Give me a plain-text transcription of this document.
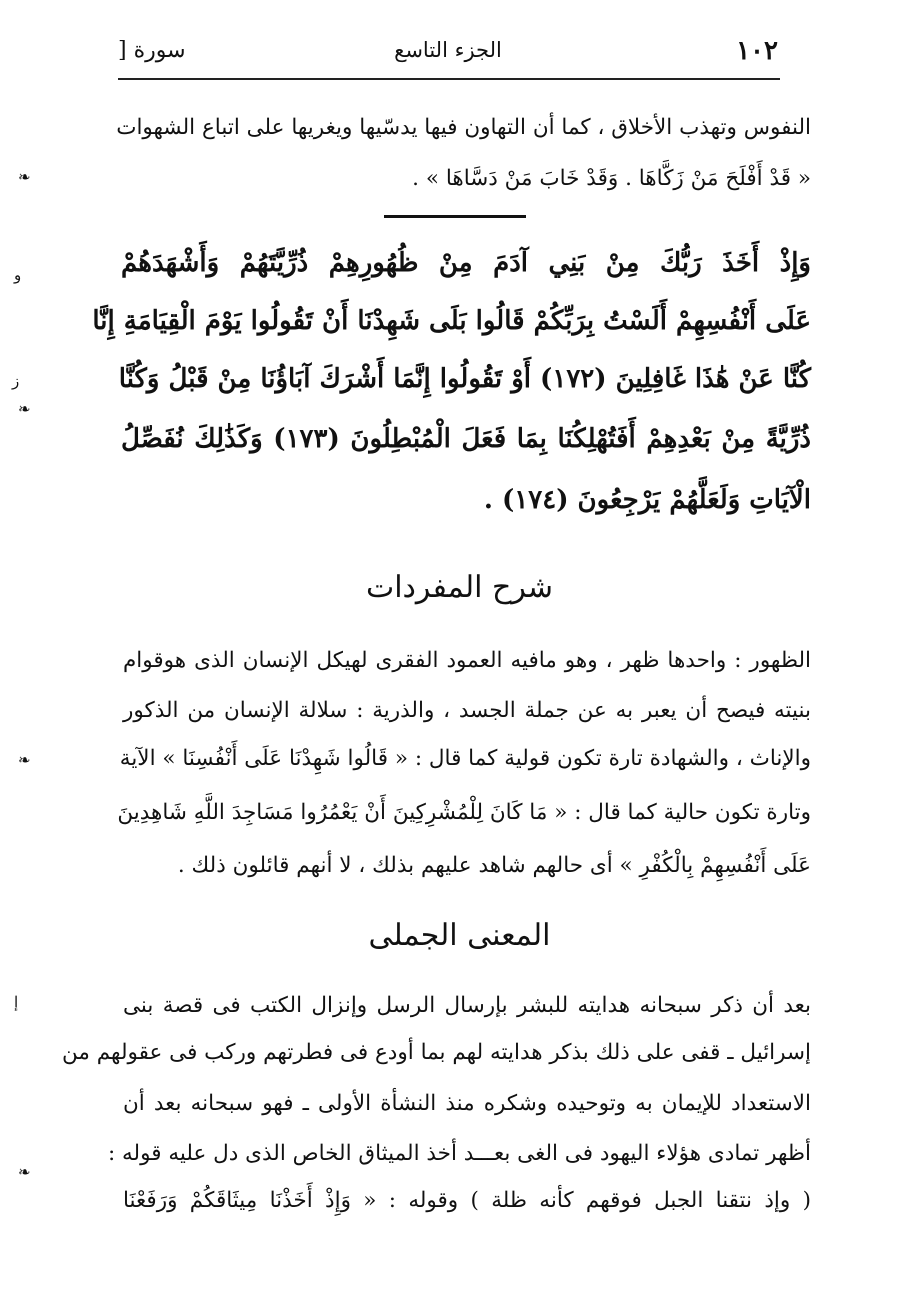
١٠٢
الجزء التاسع
سورة [
النفوس وتهذب الأخلاق ، كما أن التهاون فيها يدسّيها ويغريها على اتباع الشهوات
« قَدْ أَفْلَحَ مَنْ زَكَّاهَا . وَقَدْ خَابَ مَنْ دَسَّاهَا » .
وَإِذْ أَخَذَ رَبُّكَ مِنْ بَنِي آدَمَ مِنْ ظُهُورِهِمْ ذُرِّيَّتَهُمْ وَأَشْهَدَهُمْ
عَلَى أَنْفُسِهِمْ أَلَسْتُ بِرَبِّكُمْ قَالُوا بَلَى شَهِدْنَا أَنْ تَقُولُوا يَوْمَ الْقِيَامَةِ إِنَّا
كُنَّا عَنْ هَٰذَا غَافِلِينَ (١٧٢) أَوْ تَقُولُوا إِنَّمَا أَشْرَكَ آبَاؤُنَا مِنْ قَبْلُ وَكُنَّا
ذُرِّيَّةً مِنْ بَعْدِهِمْ أَفَتُهْلِكُنَا بِمَا فَعَلَ الْمُبْطِلُونَ (١٧٣) وَكَذَٰلِكَ نُفَصِّلُ
الْآيَاتِ وَلَعَلَّهُمْ يَرْجِعُونَ (١٧٤) .
شرح المفردات
الظهور : واحدها ظهر ، وهو مافيه العمود الفقرى لهيكل الإنسان الذى هوقوام
بنيته فيصح أن يعبر به عن جملة الجسد ، والذرية : سلالة الإنسان من الذكور
والإناث ، والشهادة تارة تكون قولية كما قال : « قَالُوا شَهِدْنَا عَلَى أَنْفُسِنَا » الآية
وتارة تكون حالية كما قال : « مَا كَانَ لِلْمُشْرِكِينَ أَنْ يَعْمُرُوا مَسَاجِدَ اللَّهِ شَاهِدِينَ
عَلَى أَنْفُسِهِمْ بِالْكُفْرِ » أى حالهم شاهد عليهم بذلك ، لا أنهم قائلون ذلك .
المعنى الجملى
بعد أن ذكر سبحانه هدايته للبشر بإرسال الرسل وإنزال الكتب فى قصة بنى
إسرائيل ـ قفى على ذلك بذكر هدايته لهم بما أودع فى فطرتهم وركب فى عقولهم من
الاستعداد للإيمان به وتوحيده وشكره منذ النشأة الأولى ـ فهو سبحانه بعد أن
أظهر تمادى هؤلاء اليهود فى الغى بعـــد أخذ الميثاق الخاص الذى دل عليه قوله :
( وإذ نتقنا الجبل فوقهم كأنه ظلة ) وقوله : « وَإِذْ أَخَذْنَا مِيثَاقَكُمْ وَرَفَعْنَا
❧
ﻭ
ﺯ
❧
❧
ﺇ
❧
